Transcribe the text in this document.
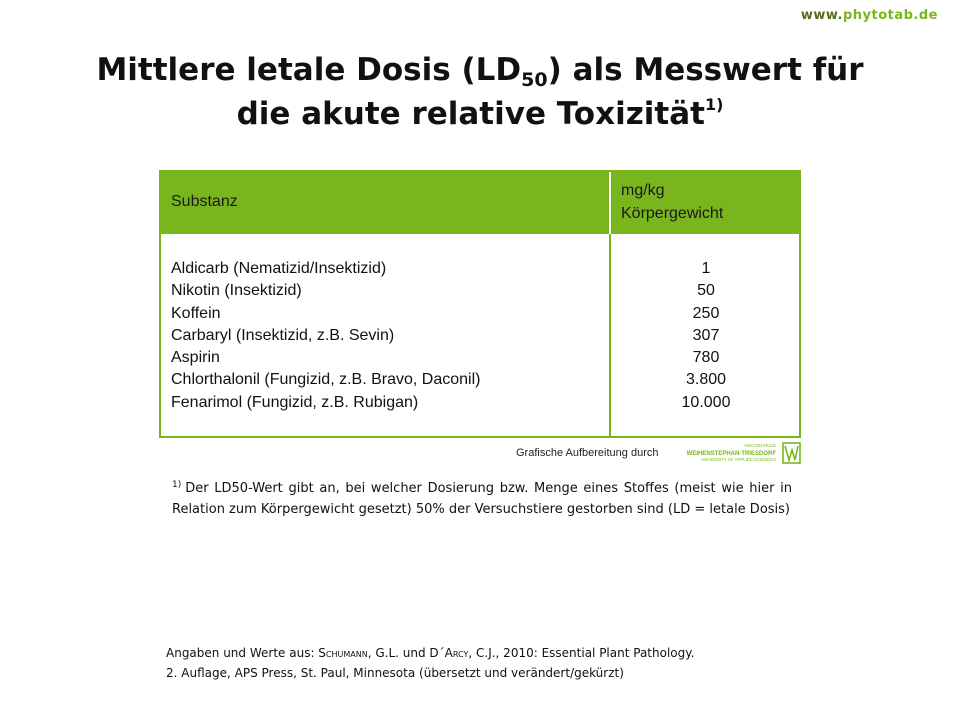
www.phytotab.de
Mittlere letale Dosis $(LD_{50})$ als Messwert für
die akute relative Toxizität$^{1)}$
Substanz
mg/kg
Körpergewicht
Aldicarb (Nematizid/Insektizid)
Nikotin (Insektizid)
Koffein
Carbaryl (Insektizid, z.B. Sevin)
Aspirin
Chlorthalonil (Fungizid, z.B. Bravo, Daconil)
Fenarimol (Fungizid, z.B. Rubigan)
1
50
250
307
780
3.800
10.000
Grafische Aufbereitung durch
HOCHSCHULE
WEIHENSTEPHAN-TRIESDORF
UNIVERSITY OF APPLIED SCIENCES
$^{1)}$ Der LD50-Wert gibt an, bei welcher Dosierung bzw. Menge eines Stoffes (meist wie hier in Relation zum Körpergewicht gesetzt) 50% der Versuchstiere gestorben sind (LD = letale Dosis)
Angaben und Werte aus: Schumann, G.L. und D´Arcy, C.J., 2010: Essential Plant Pathology.
2. Auflage, APS Press, St. Paul, Minnesota (übersetzt und verändert/gekürzt)
